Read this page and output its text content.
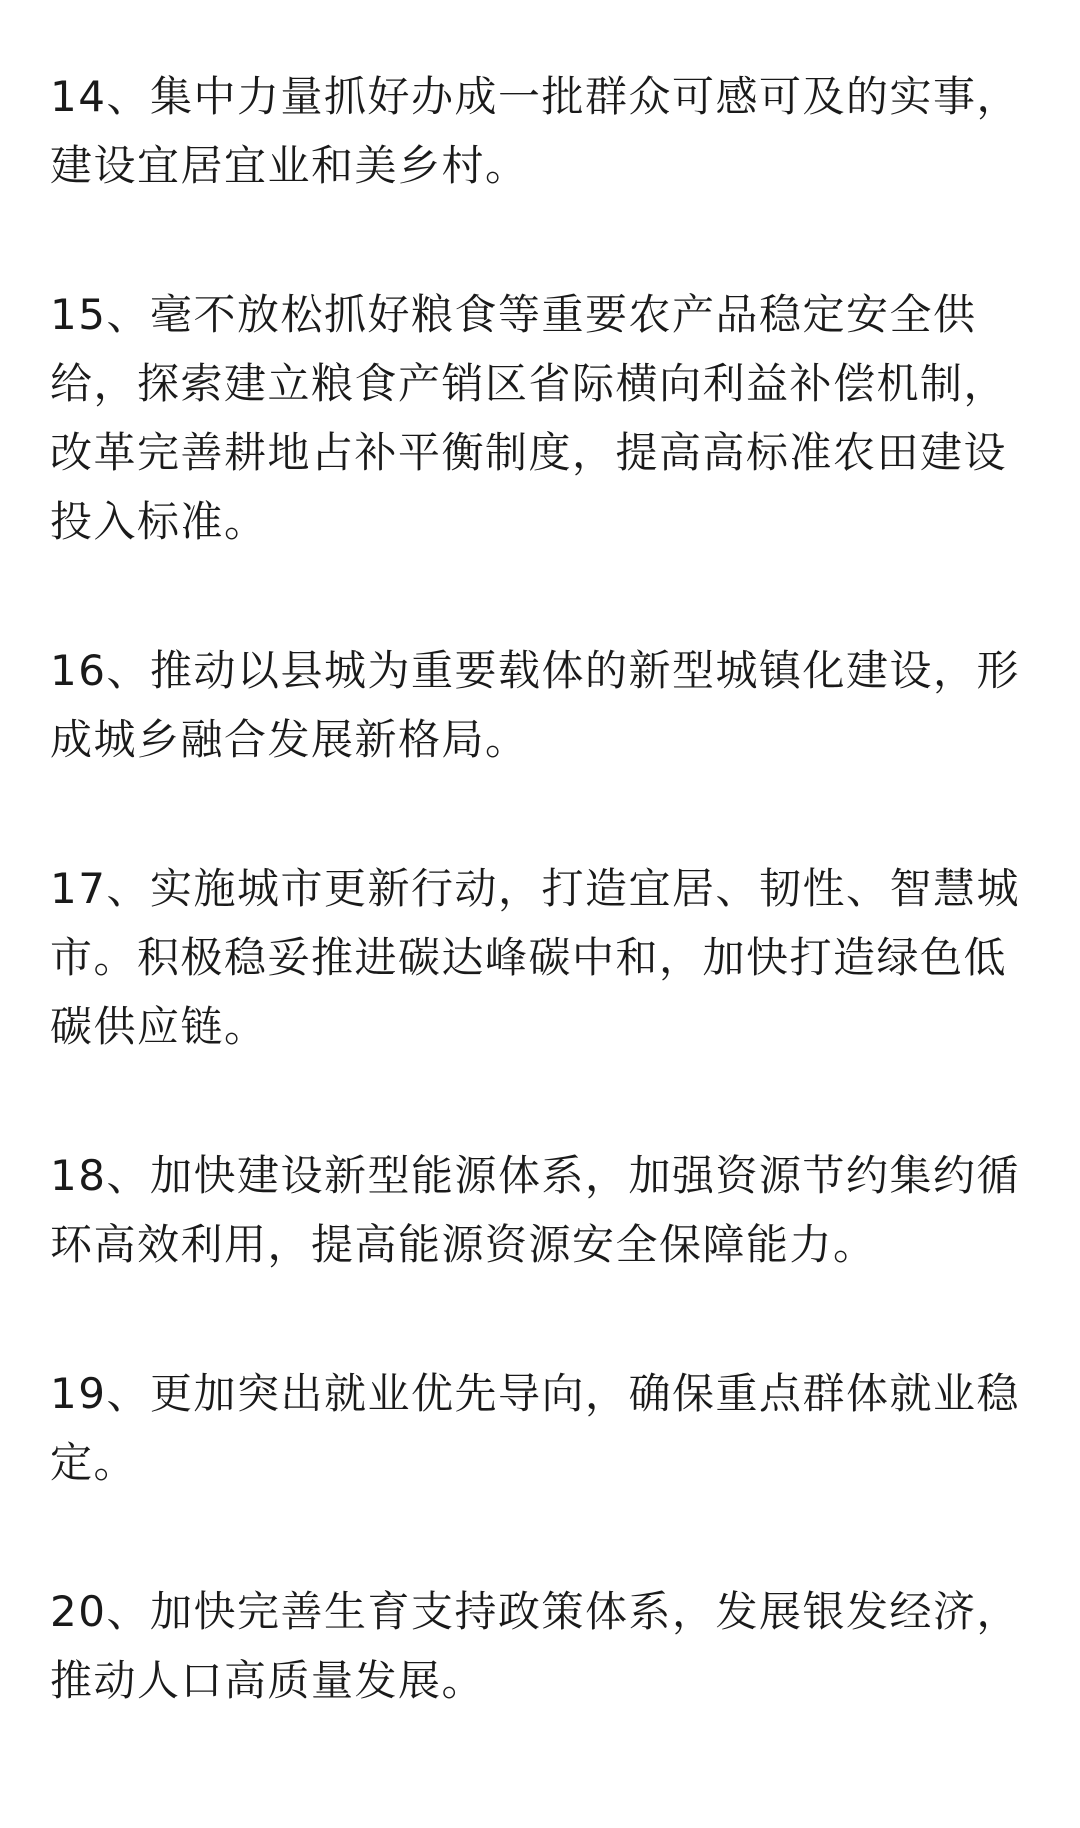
14、集中力量抓好办成一批群众可感可及的实事，建设宜居宜业和美乡村。

15、毫不放松抓好粮食等重要农产品稳定安全供给，探索建立粮食产销区省际横向利益补偿机制，改革完善耕地占补平衡制度，提高高标准农田建设投入标准。

16、推动以县城为重要载体的新型城镇化建设，形成城乡融合发展新格局。

17、实施城市更新行动，打造宜居、韧性、智慧城市。积极稳妥推进碳达峰碳中和，加快打造绿色低碳供应链。

18、加快建设新型能源体系，加强资源节约集约循环高效利用，提高能源资源安全保障能力。

19、更加突出就业优先导向，确保重点群体就业稳定。

20、加快完善生育支持政策体系，发展银发经济，推动人口高质量发展。
